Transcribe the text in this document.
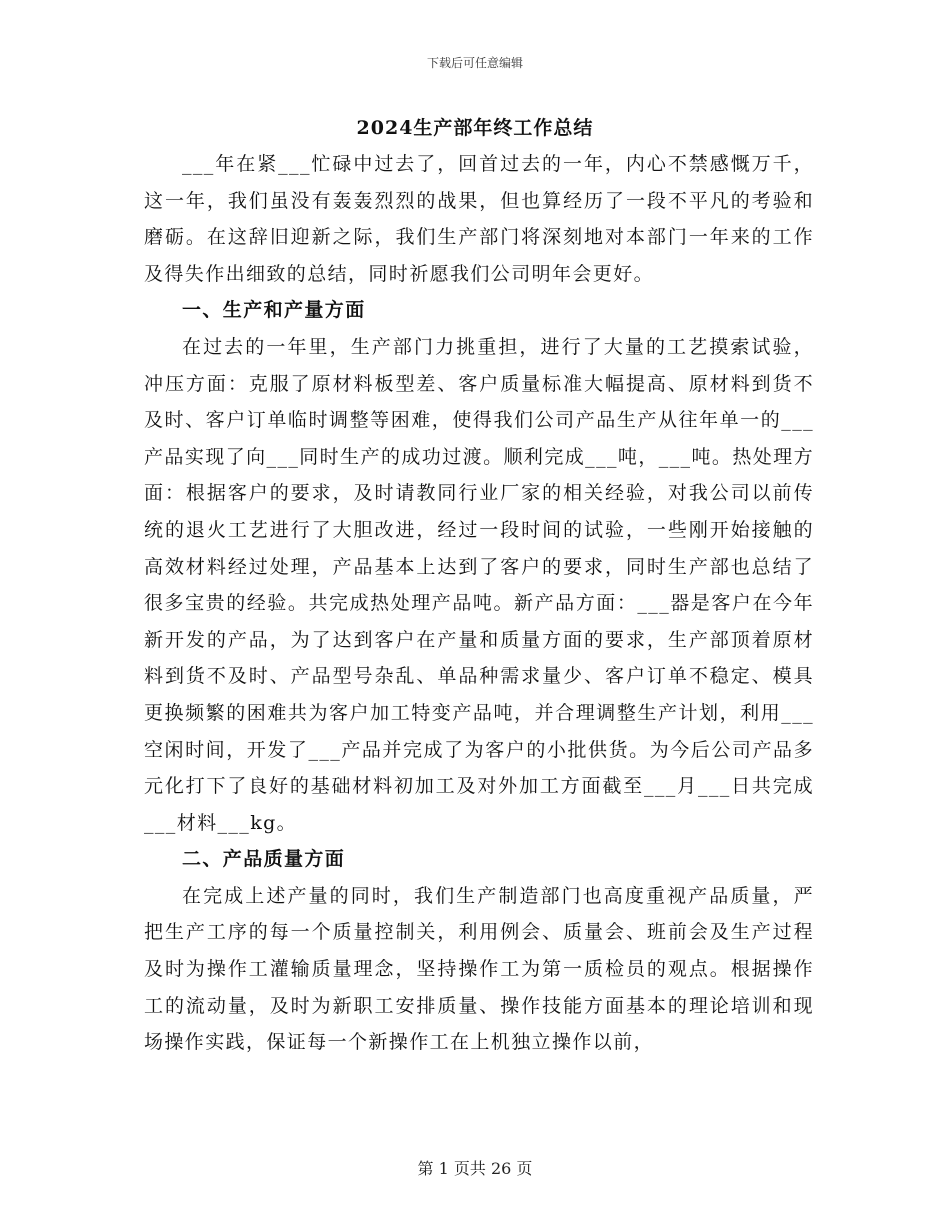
下载后可任意编辑
2024生产部年终工作总结

___年在紧___忙碌中过去了，回首过去的一年，内心不禁感慨万千，这一年，我们虽没有轰轰烈烈的战果，但也算经历了一段不平凡的考验和磨砺。在这辞旧迎新之际，我们生产部门将深刻地对本部门一年来的工作及得失作出细致的总结，同时祈愿我们公司明年会更好。

一、生产和产量方面

在过去的一年里，生产部门力挑重担，进行了大量的工艺摸索试验，冲压方面：克服了原材料板型差、客户质量标准大幅提高、原材料到货不及时、客户订单临时调整等困难，使得我们公司产品生产从往年单一的___产品实现了向___同时生产的成功过渡。顺利完成___吨，___吨。热处理方面：根据客户的要求，及时请教同行业厂家的相关经验，对我公司以前传统的退火工艺进行了大胆改进，经过一段时间的试验，一些刚开始接触的高效材料经过处理，产品基本上达到了客户的要求，同时生产部也总结了很多宝贵的经验。共完成热处理产品吨。新产品方面：___器是客户在今年新开发的产品，为了达到客户在产量和质量方面的要求，生产部顶着原材料到货不及时、产品型号杂乱、单品种需求量少、客户订单不稳定、模具更换频繁的困难共为客户加工特变产品吨，并合理调整生产计划，利用___空闲时间，开发了___产品并完成了为客户的小批供货。为今后公司产品多元化打下了良好的基础材料初加工及对外加工方面截至___月___日共完成___材料___kg。

二、产品质量方面

在完成上述产量的同时，我们生产制造部门也高度重视产品质量，严把生产工序的每一个质量控制关，利用例会、质量会、班前会及生产过程及时为操作工灌输质量理念，坚持操作工为第一质检员的观点。根据操作工的流动量，及时为新职工安排质量、操作技能方面基本的理论培训和现场操作实践，保证每一个新操作工在上机独立操作以前，

第 1 页共 26 页
